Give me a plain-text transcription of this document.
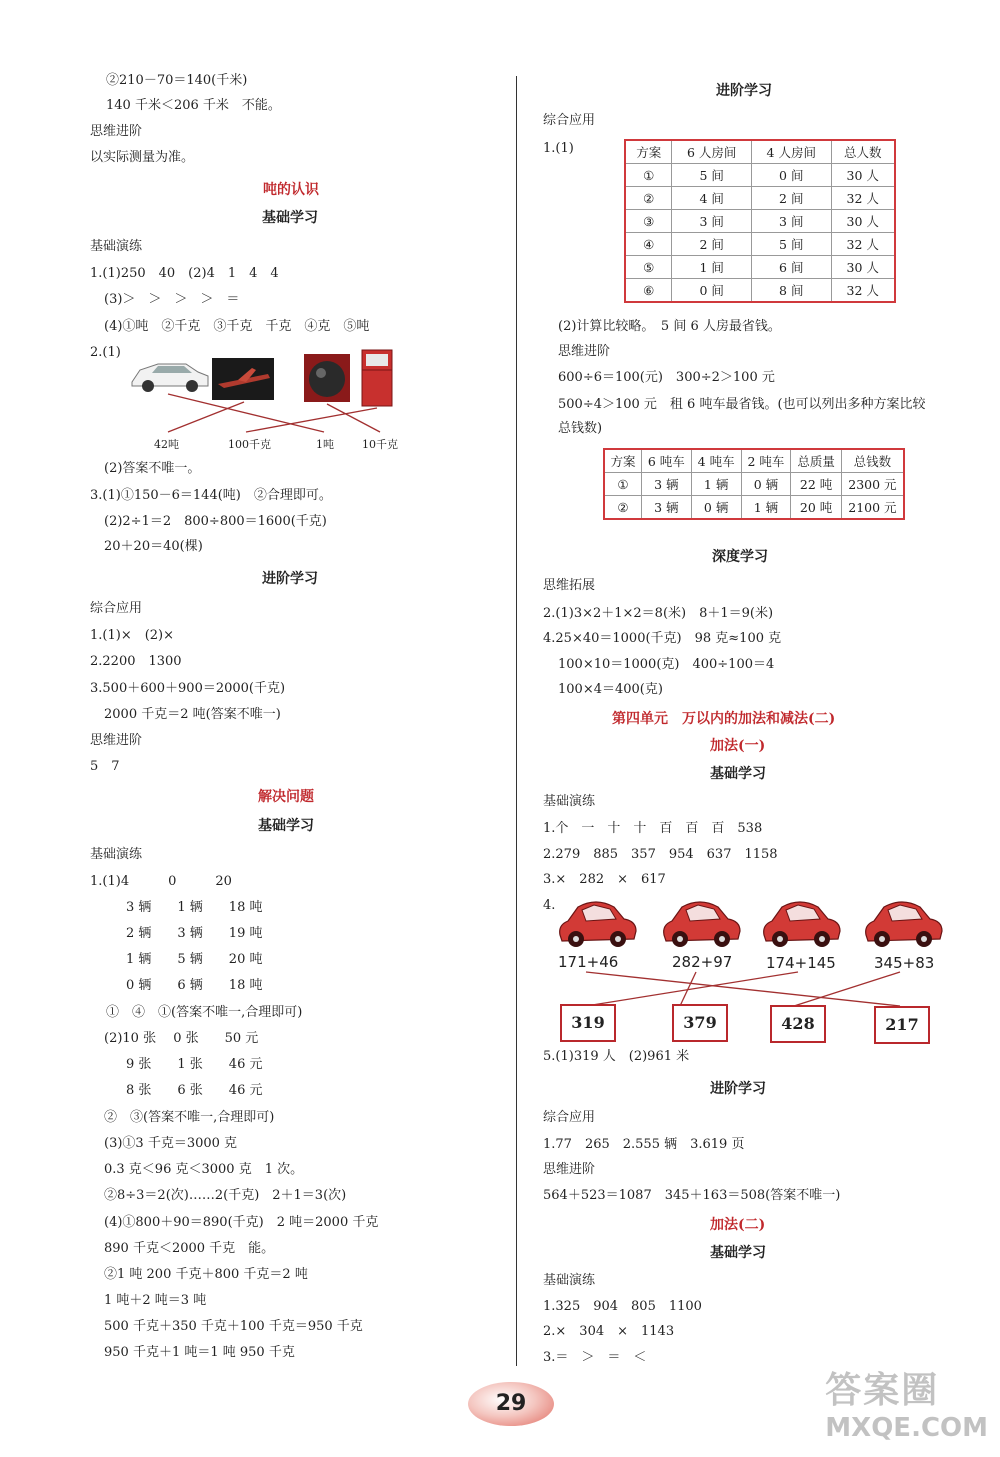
②210－70＝140(千米)
140 千米＜206 千米　不能。
思维进阶
以实际测量为准。
吨的认识
基础学习
基础演练
1.(1)250　40　(2)4　1　4　4
(3)＞　＞　＞　＞　＝
(4)①吨　②千克　③千克　千克　④克　⑤吨
2.(1)
42吨	100千克	1吨	10千克
(2)答案不唯一。
3.(1)①150－6＝144(吨)　②合理即可。
(2)2÷1＝2　800÷800＝1600(千克)
20＋20＝40(棵)
进阶学习
综合应用
1.(1)×　(2)×
2.2200　1300
3.500＋600＋900＝2000(千克)
2000 千克＝2 吨(答案不唯一)
思维进阶
5　7
解决问题
基础学习
基础演练
1.(1)4　　　0　　　20
3 辆　　1 辆　　18 吨
2 辆　　3 辆　　19 吨
1 辆　　5 辆　　20 吨
0 辆　　6 辆　　18 吨
①　④　①(答案不唯一,合理即可)
(2)10 张　 0 张　　50 元
9 张　　1 张　　46 元
8 张　　6 张　　46 元
②　③(答案不唯一,合理即可)
(3)①3 千克＝3000 克
0.3 克＜96 克＜3000 克　1 次。
②8÷3＝2(次)……2(千克)　2＋1＝3(次)
(4)①800＋90＝890(千克)　2 吨＝2000 千克
890 千克＜2000 千克　能。
②1 吨 200 千克＋800 千克＝2 吨
1 吨＋2 吨＝3 吨
500 千克＋350 千克＋100 千克＝950 千克
950 千克＋1 吨＝1 吨 950 千克
进阶学习
综合应用
1.(1)	方案	6 人房间	4 人房间	总人数
①	5 间	0 间	30 人
②	4 间	2 间	32 人
③	3 间	3 间	30 人
④	2 间	5 间	32 人
⑤	1 间	6 间	30 人
⑥	0 间	8 间	32 人
(2)计算比较略。　5 间 6 人房最省钱。
思维进阶
600÷6＝100(元)　300÷2＞100 元
500÷4＞100 元　租 6 吨车最省钱。(也可以列出多种方案比较
总钱数)
方案	6 吨车	4 吨车	2 吨车	总质量	总钱数
①	3 辆	1 辆	0 辆	22 吨	2300 元
②	3 辆	0 辆	1 辆	20 吨	2100 元
深度学习
思维拓展
2.(1)3×2＋1×2＝8(米)　8＋1＝9(米)
4.25×40＝1000(千克)　98 克≈100 克
100×10＝1000(克)　400÷100＝4
100×4＝400(克)
第四单元　万以内的加法和减法(二)
加法(一)
基础学习
基础演练
1.个　一　十　十　百　百　百　538
2.279　885　357　954　637　1158
3.×　282　×　617
4.
171+46	282+97 174+145	345+83
319	379	428	217
5.(1)319 人　(2)961 米
进阶学习
综合应用
1.77　265　2.555 辆　3.619 页
思维进阶
564＋523＝1087　345＋163＝508(答案不唯一)
加法(二)
基础学习
基础演练
1.325　904　805　1100
2.×　304　×　1143
3.＝　＞　＝　＜
29	答案圈
MXQE.COM
